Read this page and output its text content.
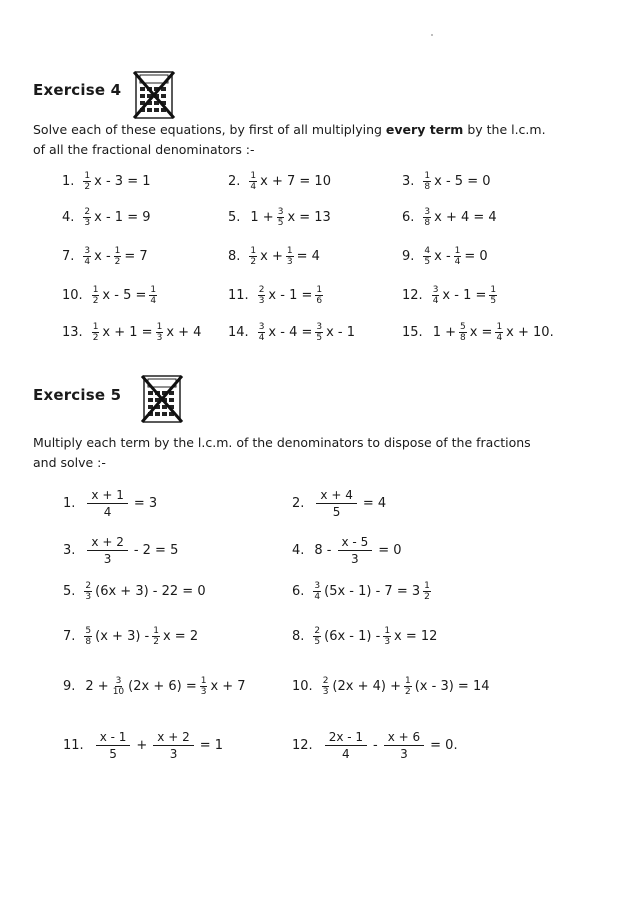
Exercise 4
Solve each of these equations, by first of all multiplying every term by the l.c.m.
of all the fractional denominators :-
1. $\frac{1}{2}$ x - 3 = 1	2. $\frac{1}{4}$ x + 7 = 10	3. $\frac{1}{8}$ x - 5 = 0
4. $\frac{2}{3}$ x - 1 = 9	5. $1 + \frac{3}{5}$ x = 13	6. $\frac{3}{8}$ x + 4 = 4
7. $\frac{3}{4}$ $x - \frac{1}{2} = 7$	8. $\frac{1}{2}$ $x + \frac{1}{3} = 4$	9. $\frac{4}{5}$ $x - \frac{1}{4} = 0$
10. $\frac{1}{2}$ $x - 5 = \frac{1}{4}$	11. $\frac{2}{3}$ $x - 1 = \frac{1}{6}$	12. $\frac{3}{4}$ $x - 1 = \frac{1}{5}$
13. $\frac{1}{2}$ $x + 1 = \frac{1}{3}$ x + 4 14. $\frac{3}{4}$ $x - 4 = \frac{3}{5}$ x - 1	15. $1 + \frac{5}{8}$ $x = \frac{1}{4}$ x + 10.
Exercise 5
Multiply each term by the l.c.m. of the denominators to dispose of the fractions
and solve :-
1. $\frac{x + 1}{4} = 3$	2. $\frac{x + 4}{5} = 4$
3. $\frac{x + 2}{3} - 2 = 5$	4. $8 - \frac{x - 5}{3} = 0$
5. $\frac{2}{3} (6x + 3) - 22 = 0$	6. $\frac{3}{4} (5x - 1) - 7 = 3 \frac{1}{2}$
7. $\frac{5}{8} (x + 3) - \frac{1}{2}$ x = 2	8. $\frac{2}{5} (6x - 1) - \frac{1}{3}$ x = 12
9. $2 + \frac{3}{10} (2x + 6) = \frac{1}{3}$ x + 7	10. $\frac{2}{3} (2x + 4) + \frac{1}{2} (x - 3) = 14$
11. $\frac{x - 1}{5} + \frac{x + 2}{3} = 1$	12. $\frac{2x - 1}{4} - \frac{x + 6}{3} = 0$.
